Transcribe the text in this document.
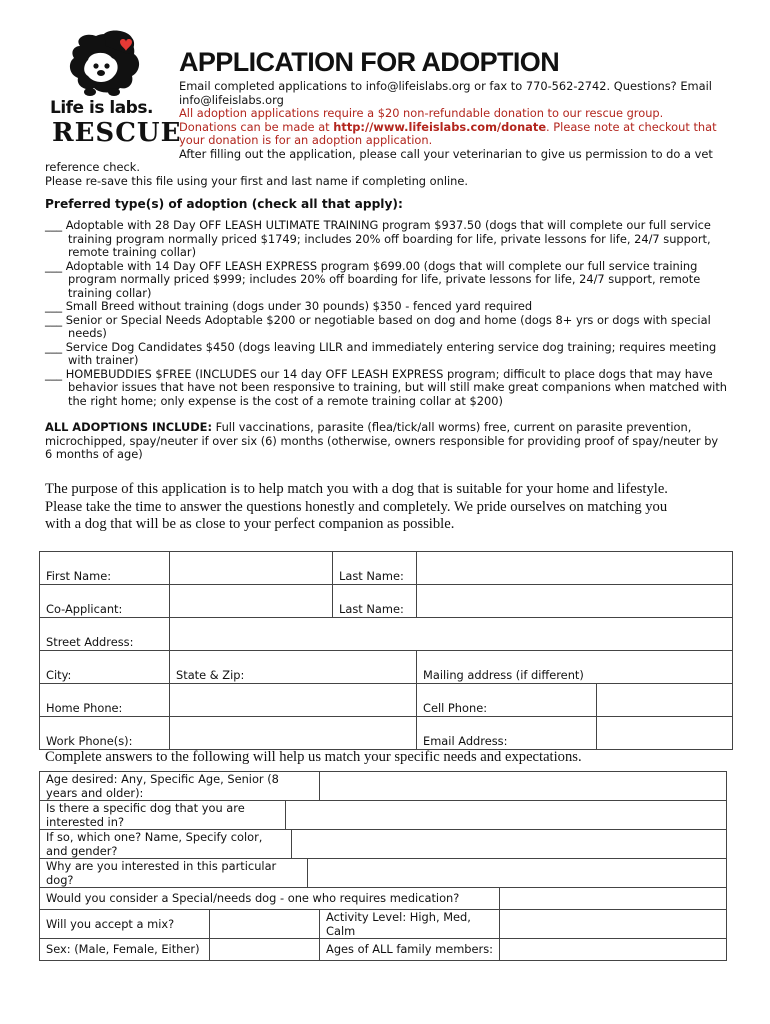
Life is labs.
RESCUE
APPLICATION FOR ADOPTION
Email completed applications to info@lifeislabs.org or fax to 770-562-2742. Questions? Email
info@lifeislabs.org
All adoption applications require a $20 non-refundable donation to our rescue group.
Donations can be made at http://www.lifeislabs.com/donate. Please note at checkout that
your donation is for an adoption application.
After filling out the application, please call your veterinarian to give us permission to do a vet
reference check.
Please re-save this file using your first and last name if completing online.
Preferred type(s) of adoption (check all that apply):
___ Adoptable with 28 Day OFF LEASH ULTIMATE TRAINING program $937.50 (dogs that will complete our full service
training program normally priced $1749; includes 20% off boarding for life, private lessons for life, 24/7 support,
remote training collar)
___ Adoptable with 14 Day OFF LEASH EXPRESS program $699.00 (dogs that will complete our full service training
program normally priced $999; includes 20% off boarding for life, private lessons for life, 24/7 support, remote
training collar)
___ Small Breed without training (dogs under 30 pounds) $350 - fenced yard required
___ Senior or Special Needs Adoptable $200 or negotiable based on dog and home (dogs 8+ yrs or dogs with special
needs)
___ Service Dog Candidates $450 (dogs leaving LILR and immediately entering service dog training; requires meeting
with trainer)
___ HOMEBUDDIES $FREE (INCLUDES our 14 day OFF LEASH EXPRESS program; difficult to place dogs that may have
behavior issues that have not been responsive to training, but will still make great companions when matched with
the right home; only expense is the cost of a remote training collar at $200)
ALL ADOPTIONS INCLUDE: Full vaccinations, parasite (flea/tick/all worms) free, current on parasite prevention,
microchipped, spay/neuter if over six (6) months (otherwise, owners responsible for providing proof of spay/neuter by
6 months of age)
The purpose of this application is to help match you with a dog that is suitable for your home and lifestyle.
Please take the time to answer the questions honestly and completely. We pride ourselves on matching you
with a dog that will be as close to your perfect companion as possible.
First Name:		Last Name:		
Co-Applicant:		Last Name:		
Street Address:				
City:	State & Zip:		Mailing address (if different)	
Home Phone:			Cell Phone:	
Work Phone(s):			Email Address:	
Complete answers to the following will help us match your specific needs and expectations.
Age desired: Any, Specific Age, Senior (8 years and older):						
Is there a specific dog that you are interested in?						
If so, which one? Name, Specify color, and gender?						
Why are you interested in this particular dog?						
Would you consider a Special/needs dog - one who requires medication?						
Will you accept a mix?					Activity Level: High, Med, Calm	
Sex: (Male, Female, Either)					Ages of ALL family members:	
